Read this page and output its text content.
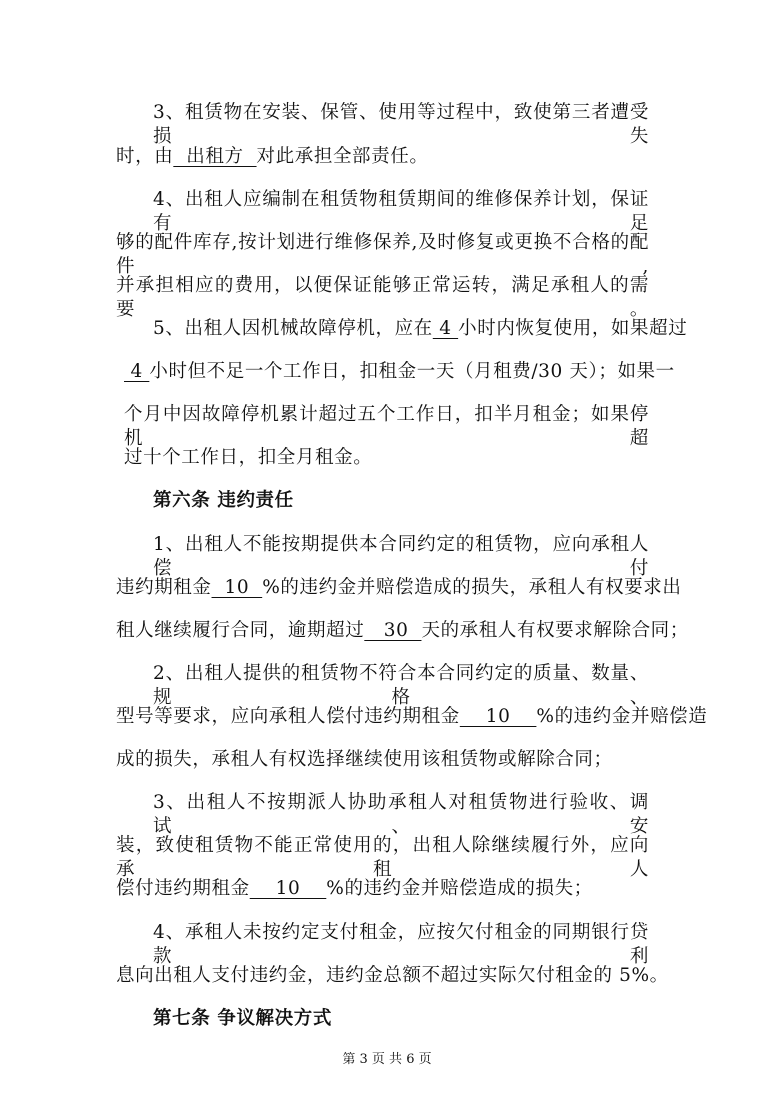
3、租赁物在安装、保管、使用等过程中，致使第三者遭受损失
时，由  出租方  对此承担全部责任。
4、出租人应编制在租赁物租赁期间的维修保养计划，保证有足
够的配件库存,按计划进行维修保养,及时修复或更换不合格的配件,
并承担相应的费用，以便保证能够正常运转，满足承租人的需要。
5、出租人因机械故障停机，应在 4 小时内恢复使用，如果超过
4 小时但不足一个工作日，扣租金一天（月租费/30 天）；如果一
个月中因故障停机累计超过五个工作日，扣半月租金；如果停机超
过十个工作日，扣全月租金。
第六条 违约责任
1、出租人不能按期提供本合同约定的租赁物，应向承租人偿付
违约期租金  10  %的违约金并赔偿造成的损失，承租人有权要求出
租人继续履行合同，逾期超过   30  天的承租人有权要求解除合同；
2、出租人提供的租赁物不符合本合同约定的质量、数量、规格、
型号等要求，应向承租人偿付违约期租金    10    %的违约金并赔偿造
成的损失，承租人有权选择继续使用该租赁物或解除合同；
3、出租人不按期派人协助承租人对租赁物进行验收、调试、安
装，致使租赁物不能正常使用的，出租人除继续履行外，应向承租人
偿付违约期租金    10    %的违约金并赔偿造成的损失；
4、承租人未按约定支付租金，应按欠付租金的同期银行贷款利
息向出租人支付违约金，违约金总额不超过实际欠付租金的 5%。
第七条 争议解决方式
第 3 页 共 6 页
